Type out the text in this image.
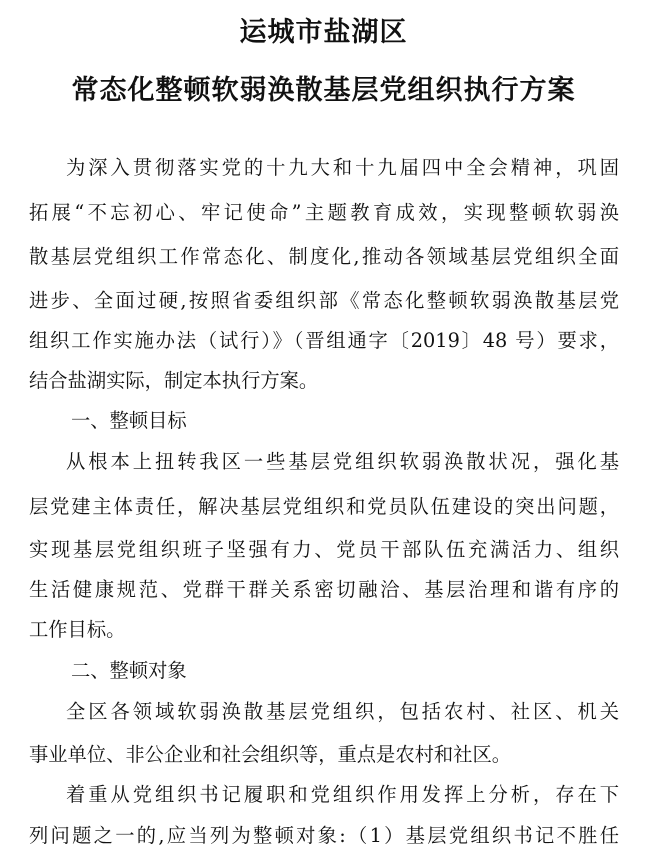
运城市盐湖区
常态化整顿软弱涣散基层党组织执行方案

为深入贯彻落实党的十九大和十九届四中全会精神，巩固

拓展“不忘初心、牢记使命”主题教育成效，实现整顿软弱涣

散基层党组织工作常态化、制度化,推动各领域基层党组织全面

进步、全面过硬,按照省委组织部《常态化整顿软弱涣散基层党

组织工作实施办法（试行）》（晋组通字〔2019〕48 号）要求，

结合盐湖实际，制定本执行方案。

一、整顿目标

从根本上扭转我区一些基层党组织软弱涣散状况，强化基

层党建主体责任，解决基层党组织和党员队伍建设的突出问题，

实现基层党组织班子坚强有力、党员干部队伍充满活力、组织

生活健康规范、党群干群关系密切融洽、基层治理和谐有序的

工作目标。

二、整顿对象

全区各领域软弱涣散基层党组织，包括农村、社区、机关

事业单位、非公企业和社会组织等，重点是农村和社区。

着重从党组织书记履职和党组织作用发挥上分析，存在下

列问题之一的,应当列为整顿对象:（1）基层党组织书记不胜任
